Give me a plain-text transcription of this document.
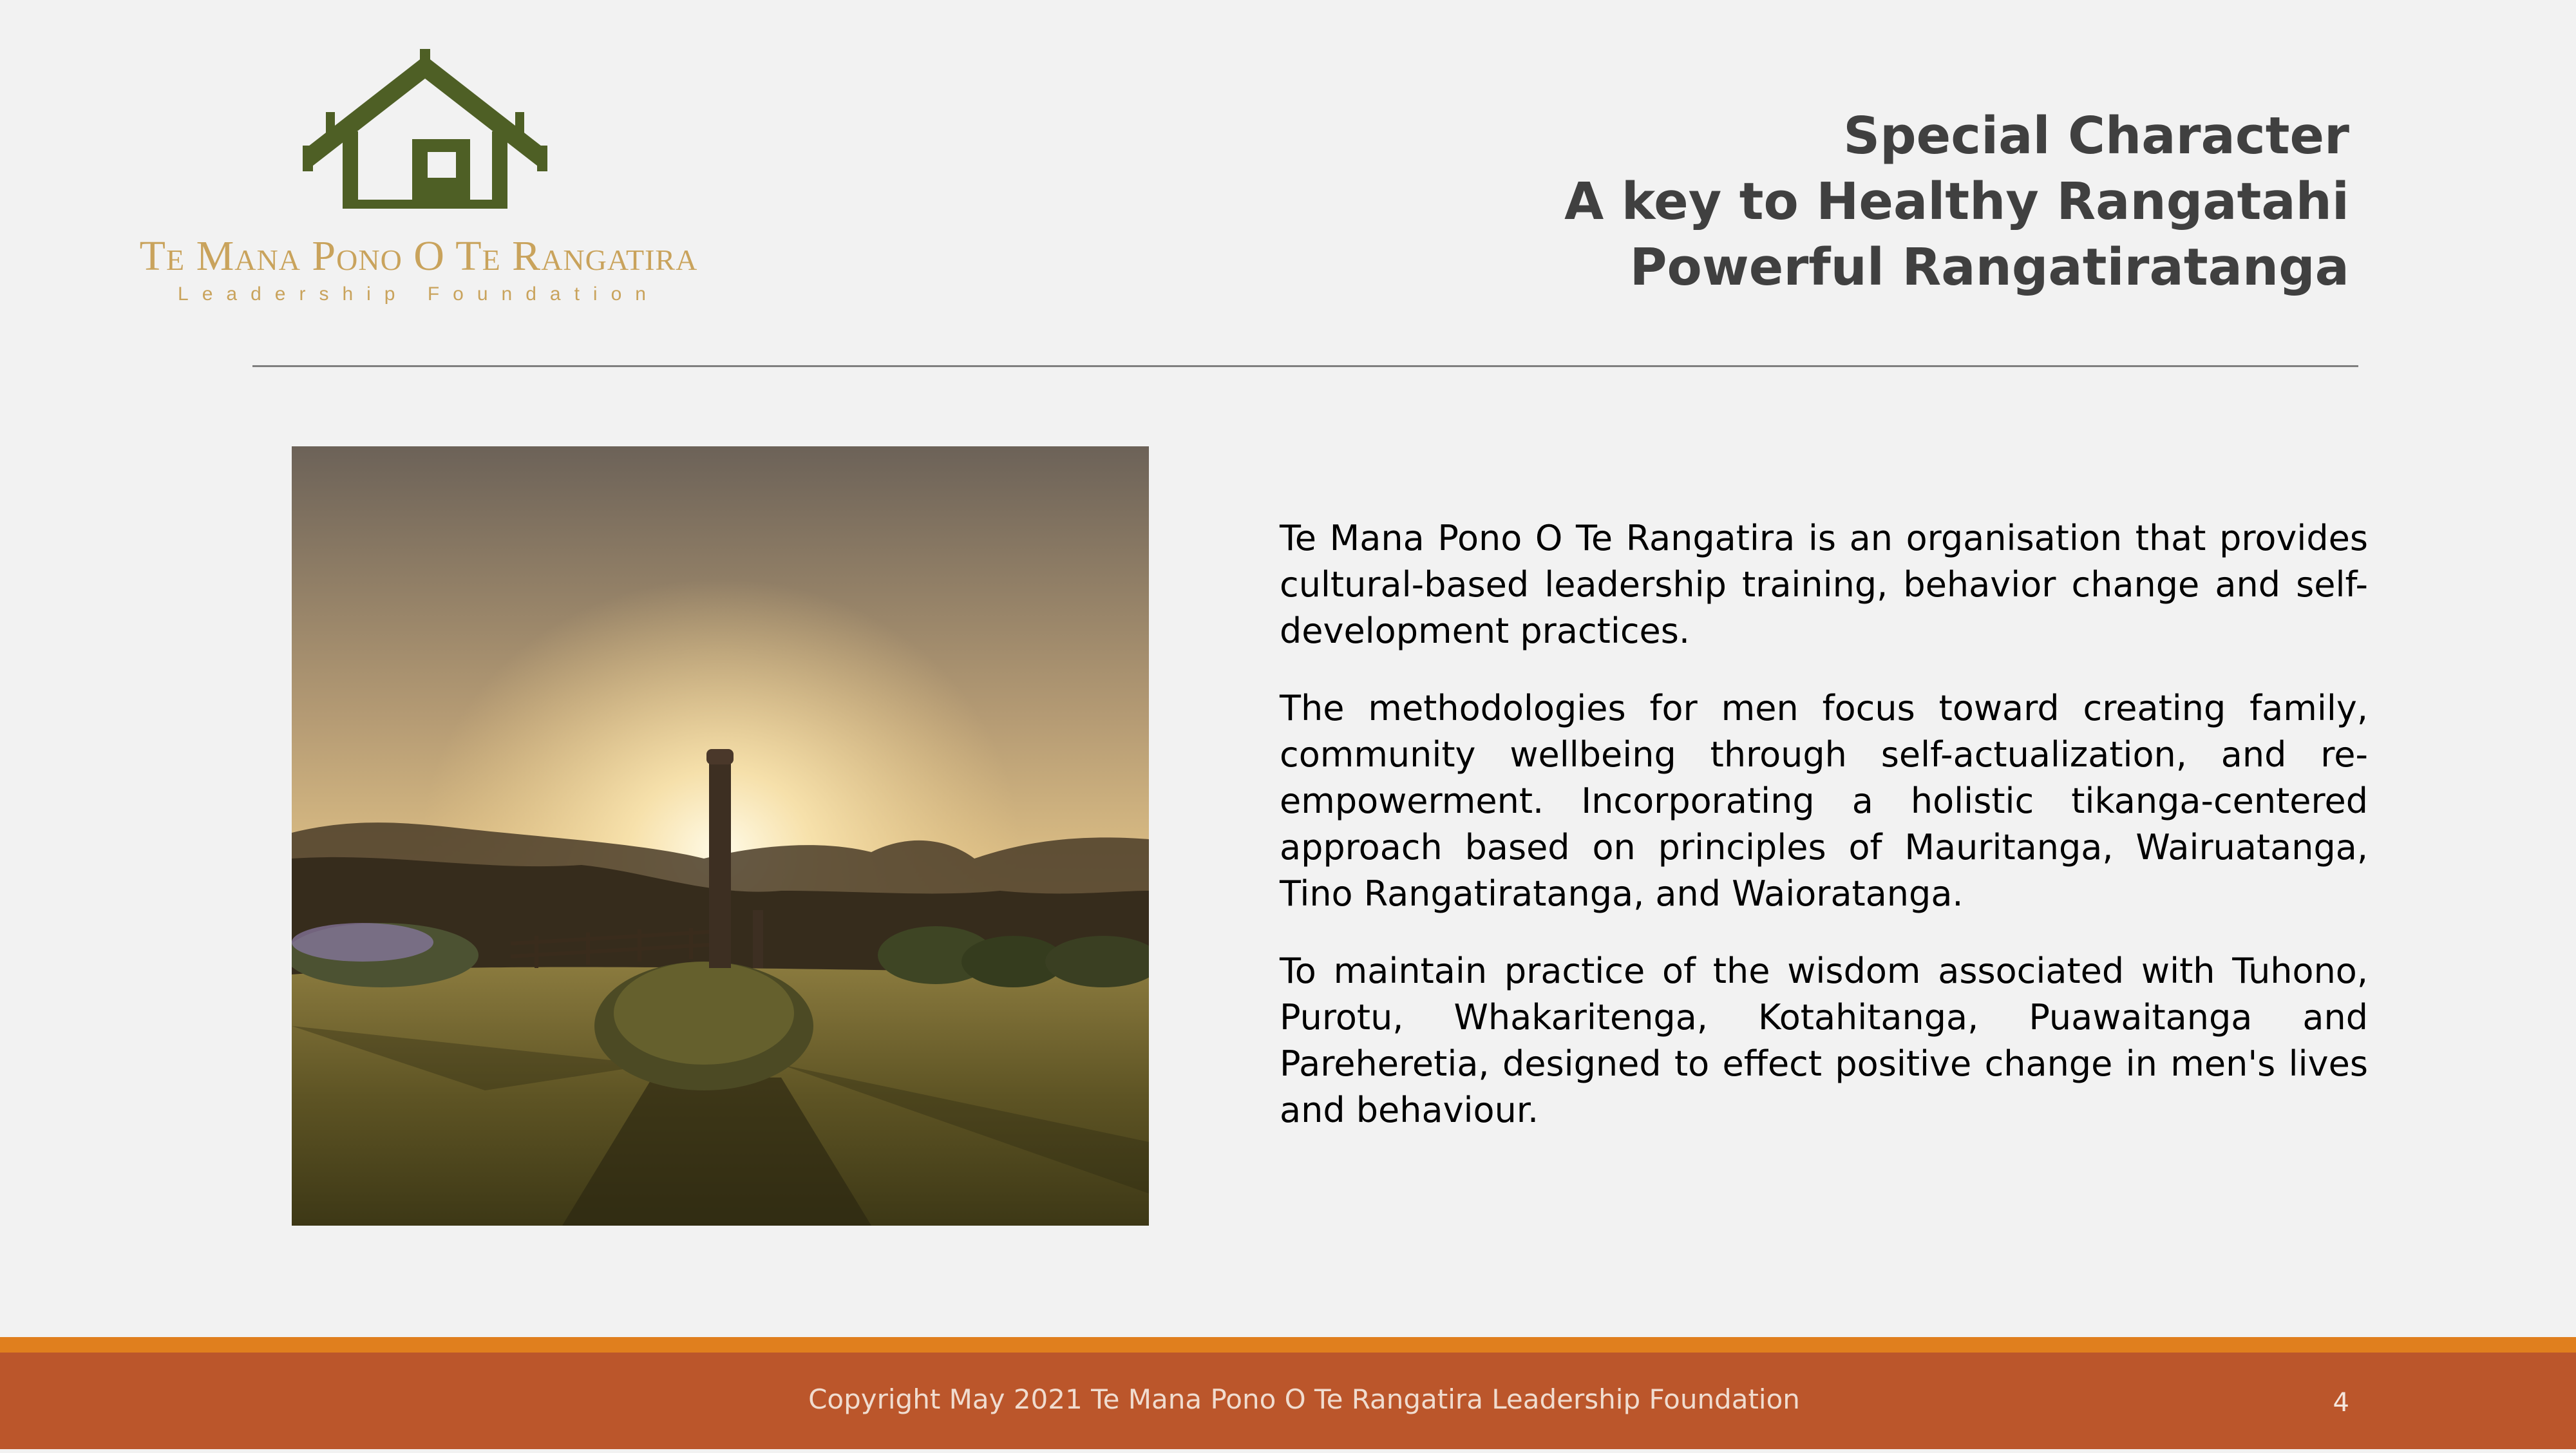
Te Mana Pono O Te Rangatira
Leadership Foundation
Special Character
A key to Healthy Rangatahi
Powerful Rangatiratanga

Te Mana Pono O Te Rangatira is an organisation that provides cultural-based leadership training, behavior change and self-development practices.

The methodologies for men focus toward creating family, community wellbeing through self-actualization, and re-empowerment. Incorporating a holistic tikanga-centered approach based on principles of Mauritanga, Wairuatanga, Tino Rangatiratanga, and Waioratanga.

To maintain practice of the wisdom associated with Tuhono, Purotu, Whakaritenga, Kotahitanga, Puawaitanga and Pareheretia, designed to effect positive change in men's lives and behaviour.

Copyright May 2021 Te Mana Pono O Te Rangatira Leadership Foundation	4
